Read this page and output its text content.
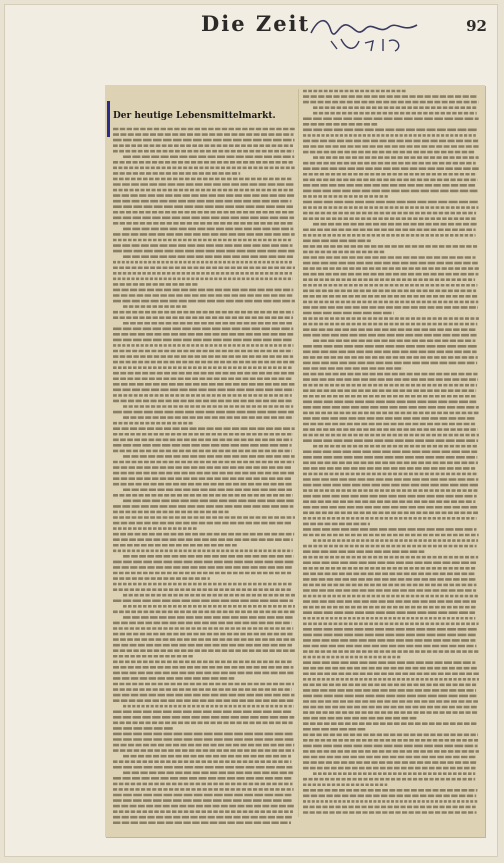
Die Zeit	92
Der heutige Lebensmittelmarkt.
